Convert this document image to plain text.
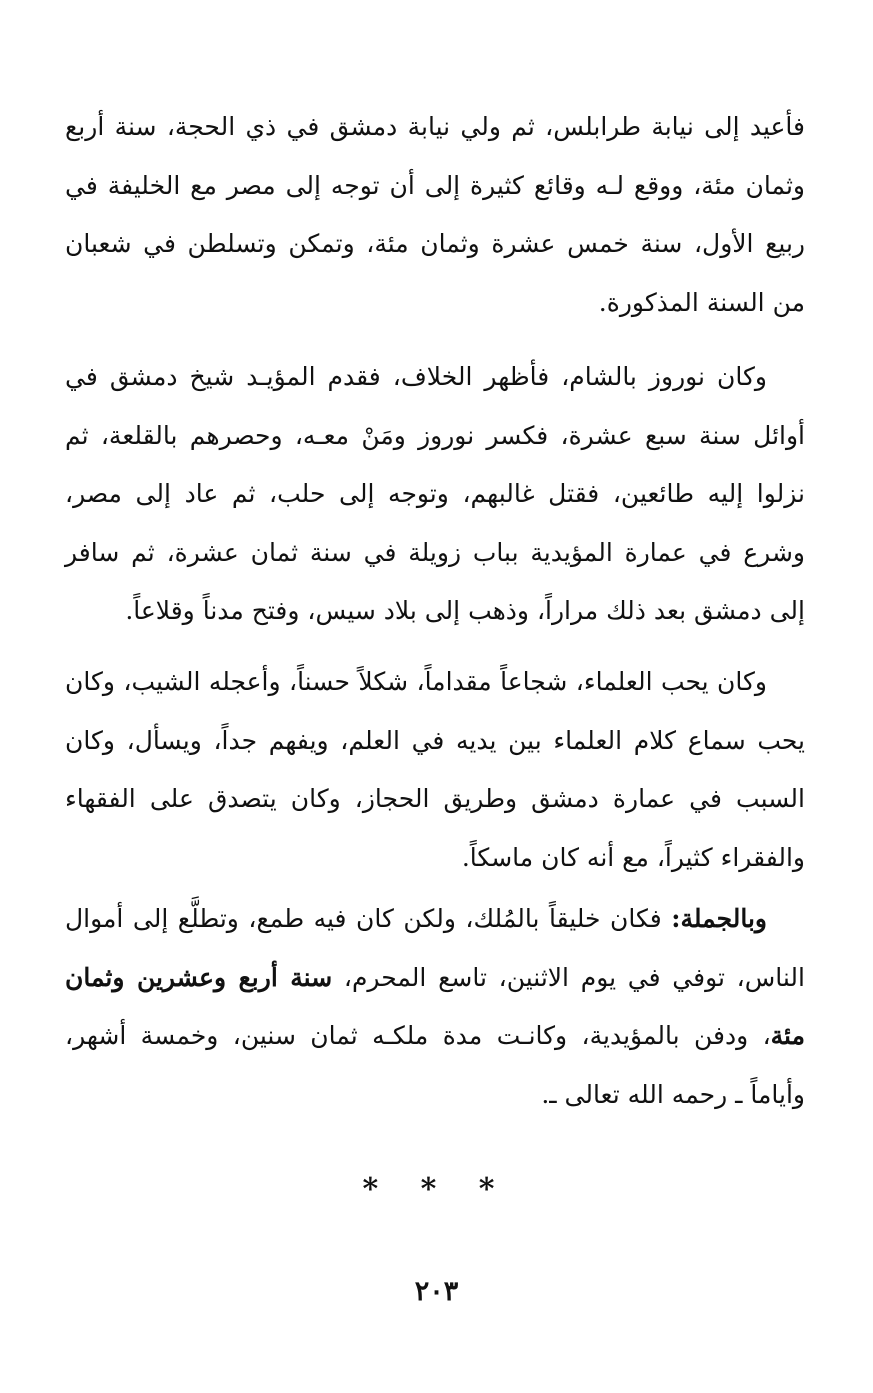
فأعيد إلى نيابة طرابلس، ثم ولي نيابة دمشق في ذي الحجة، سنة أربع وثمان مئة، ووقع لـه وقائع كثيرة إلى أن توجه إلى مصر مع الخليفة في ربيع الأول، سنة خمس عشرة وثمان مئة، وتمكن وتسلطن في شعبان من السنة المذكورة.

وكان نوروز بالشام، فأظهر الخلاف، فقدم المؤيـد شيخ دمشق في أوائل سنة سبع عشرة، فكسر نوروز ومَنْ معـه، وحصرهم بالقلعة، ثم نزلوا إليه طائعين، فقتل غالبهم، وتوجه إلى حلب، ثم عاد إلى مصر، وشرع في عمارة المؤيدية بباب زويلة في سنة ثمان عشرة، ثم سافر إلى دمشق بعد ذلك مراراً، وذهب إلى بلاد سيس، وفتح مدناً وقلاعاً.

وكان يحب العلماء، شجاعاً مقداماً، شكلاً حسناً، وأعجله الشيب، وكان يحب سماع كلام العلماء بين يديه في العلم، ويفهم جداً، ويسأل، وكان السبب في عمارة دمشق وطريق الحجاز، وكان يتصدق على الفقهاء والفقراء كثيراً، مع أنه كان ماسكاً.

وبالجملة: فكان خليقاً بالمُلك، ولكن كان فيه طمع، وتطلَّع إلى أموال الناس، توفي في يوم الاثنين، تاسع المحرم، سنة أربع وعشرين وثمان مئة، ودفن بالمؤيدية، وكانـت مدة ملكـه ثمان سنين، وخمسة أشهر، وأياماً ـ رحمه الله تعالى ـ.

* * *
٢٠٣
